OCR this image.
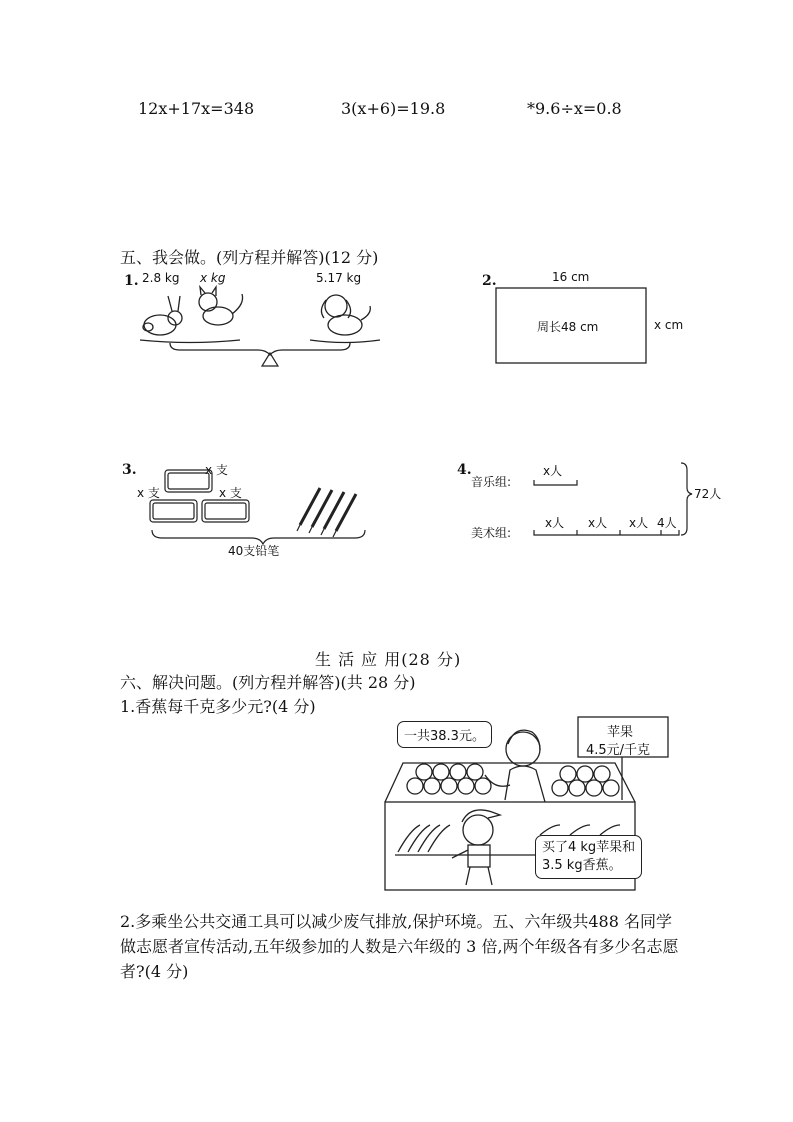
12x+17x=348	3(x+6)=19.8	*9.6÷x=0.8
五、我会做。(列方程并解答)(12 分)
1. 2.8 kg x kg	5.17 kg	2.	16 cm
周长48 cm	x cm
3.	x 支
x 支	x 支
40支铅笔
4.
音乐组:
美术组:
x人
x人 x人 x人 4人
72人
生 活 应 用(28 分)
六、解决问题。(列方程并解答)(共 28 分)
1.香蕉每千克多少元?(4 分)
一共38.3元。	苹果
4.5元/千克
买了4 kg苹果和
3.5 kg香蕉。
2.多乘坐公共交通工具可以减少废气排放,保护环境。五、六年级共488 名同学做志愿者宣传活动,五年级参加的人数是六年级的 3 倍,两个年级各有多少名志愿者?(4 分)
